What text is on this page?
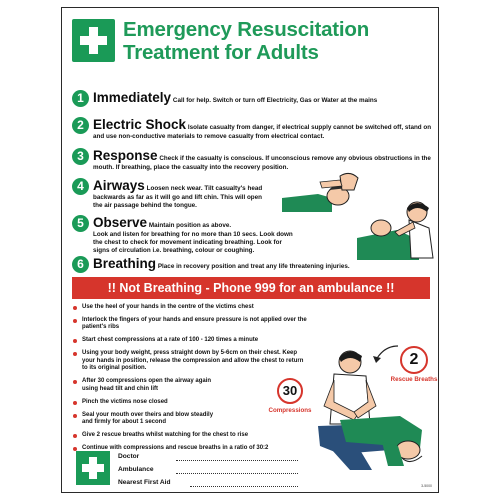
Emergency Resuscitation
Treatment for Adults
1 Immediately Call for help. Switch or turn off Electricity, Gas or Water at the mains
2 Electric Shock Isolate casualty from danger, if electrical supply cannot be switched off, stand on and use non-conductive materials to remove casualty from electrical contact.
3 Response Check if the casualty is conscious. If unconscious remove any obvious obstructions in the mouth. If breathing, place the casualty into the recovery position.
4 Airways Loosen neck wear. Tilt casualty's head backwards as far as it will go and lift chin. This will open the air passage behind the tongue.
5 Observe Maintain position as above.
Look and listen for breathing for no more than 10 secs. Look down the chest to check for movement indicating breathing. Look for signs of circulation i.e. breathing, colour or coughing.
6 Breathing Place in recovery position and treat any life threatening injuries.
!! Not Breathing - Phone 999 for an ambulance !!
Use the heel of your hands in the centre of the victims chest
Interlock the fingers of your hands and ensure pressure is not applied over the patient's ribs
Start chest compressions at a rate of 100 - 120 times a minute
Using your body weight, press straight down by 5-6cm on their chest. Keep your hands in position, release the compression and allow the chest to return to its original position.
After 30 compressions open the airway again using head tilt and chin lift
Pinch the victims nose closed
Seal your mouth over theirs and blow steadily and firmly for about 1 second
Give 2 rescue breaths whilst watching for the chest to rise
Continue with compressions and rescue breaths in a ratio of 30:2
2
Rescue Breaths
30
Compressions
Doctor
Ambulance
Nearest First Aid	3-5000
